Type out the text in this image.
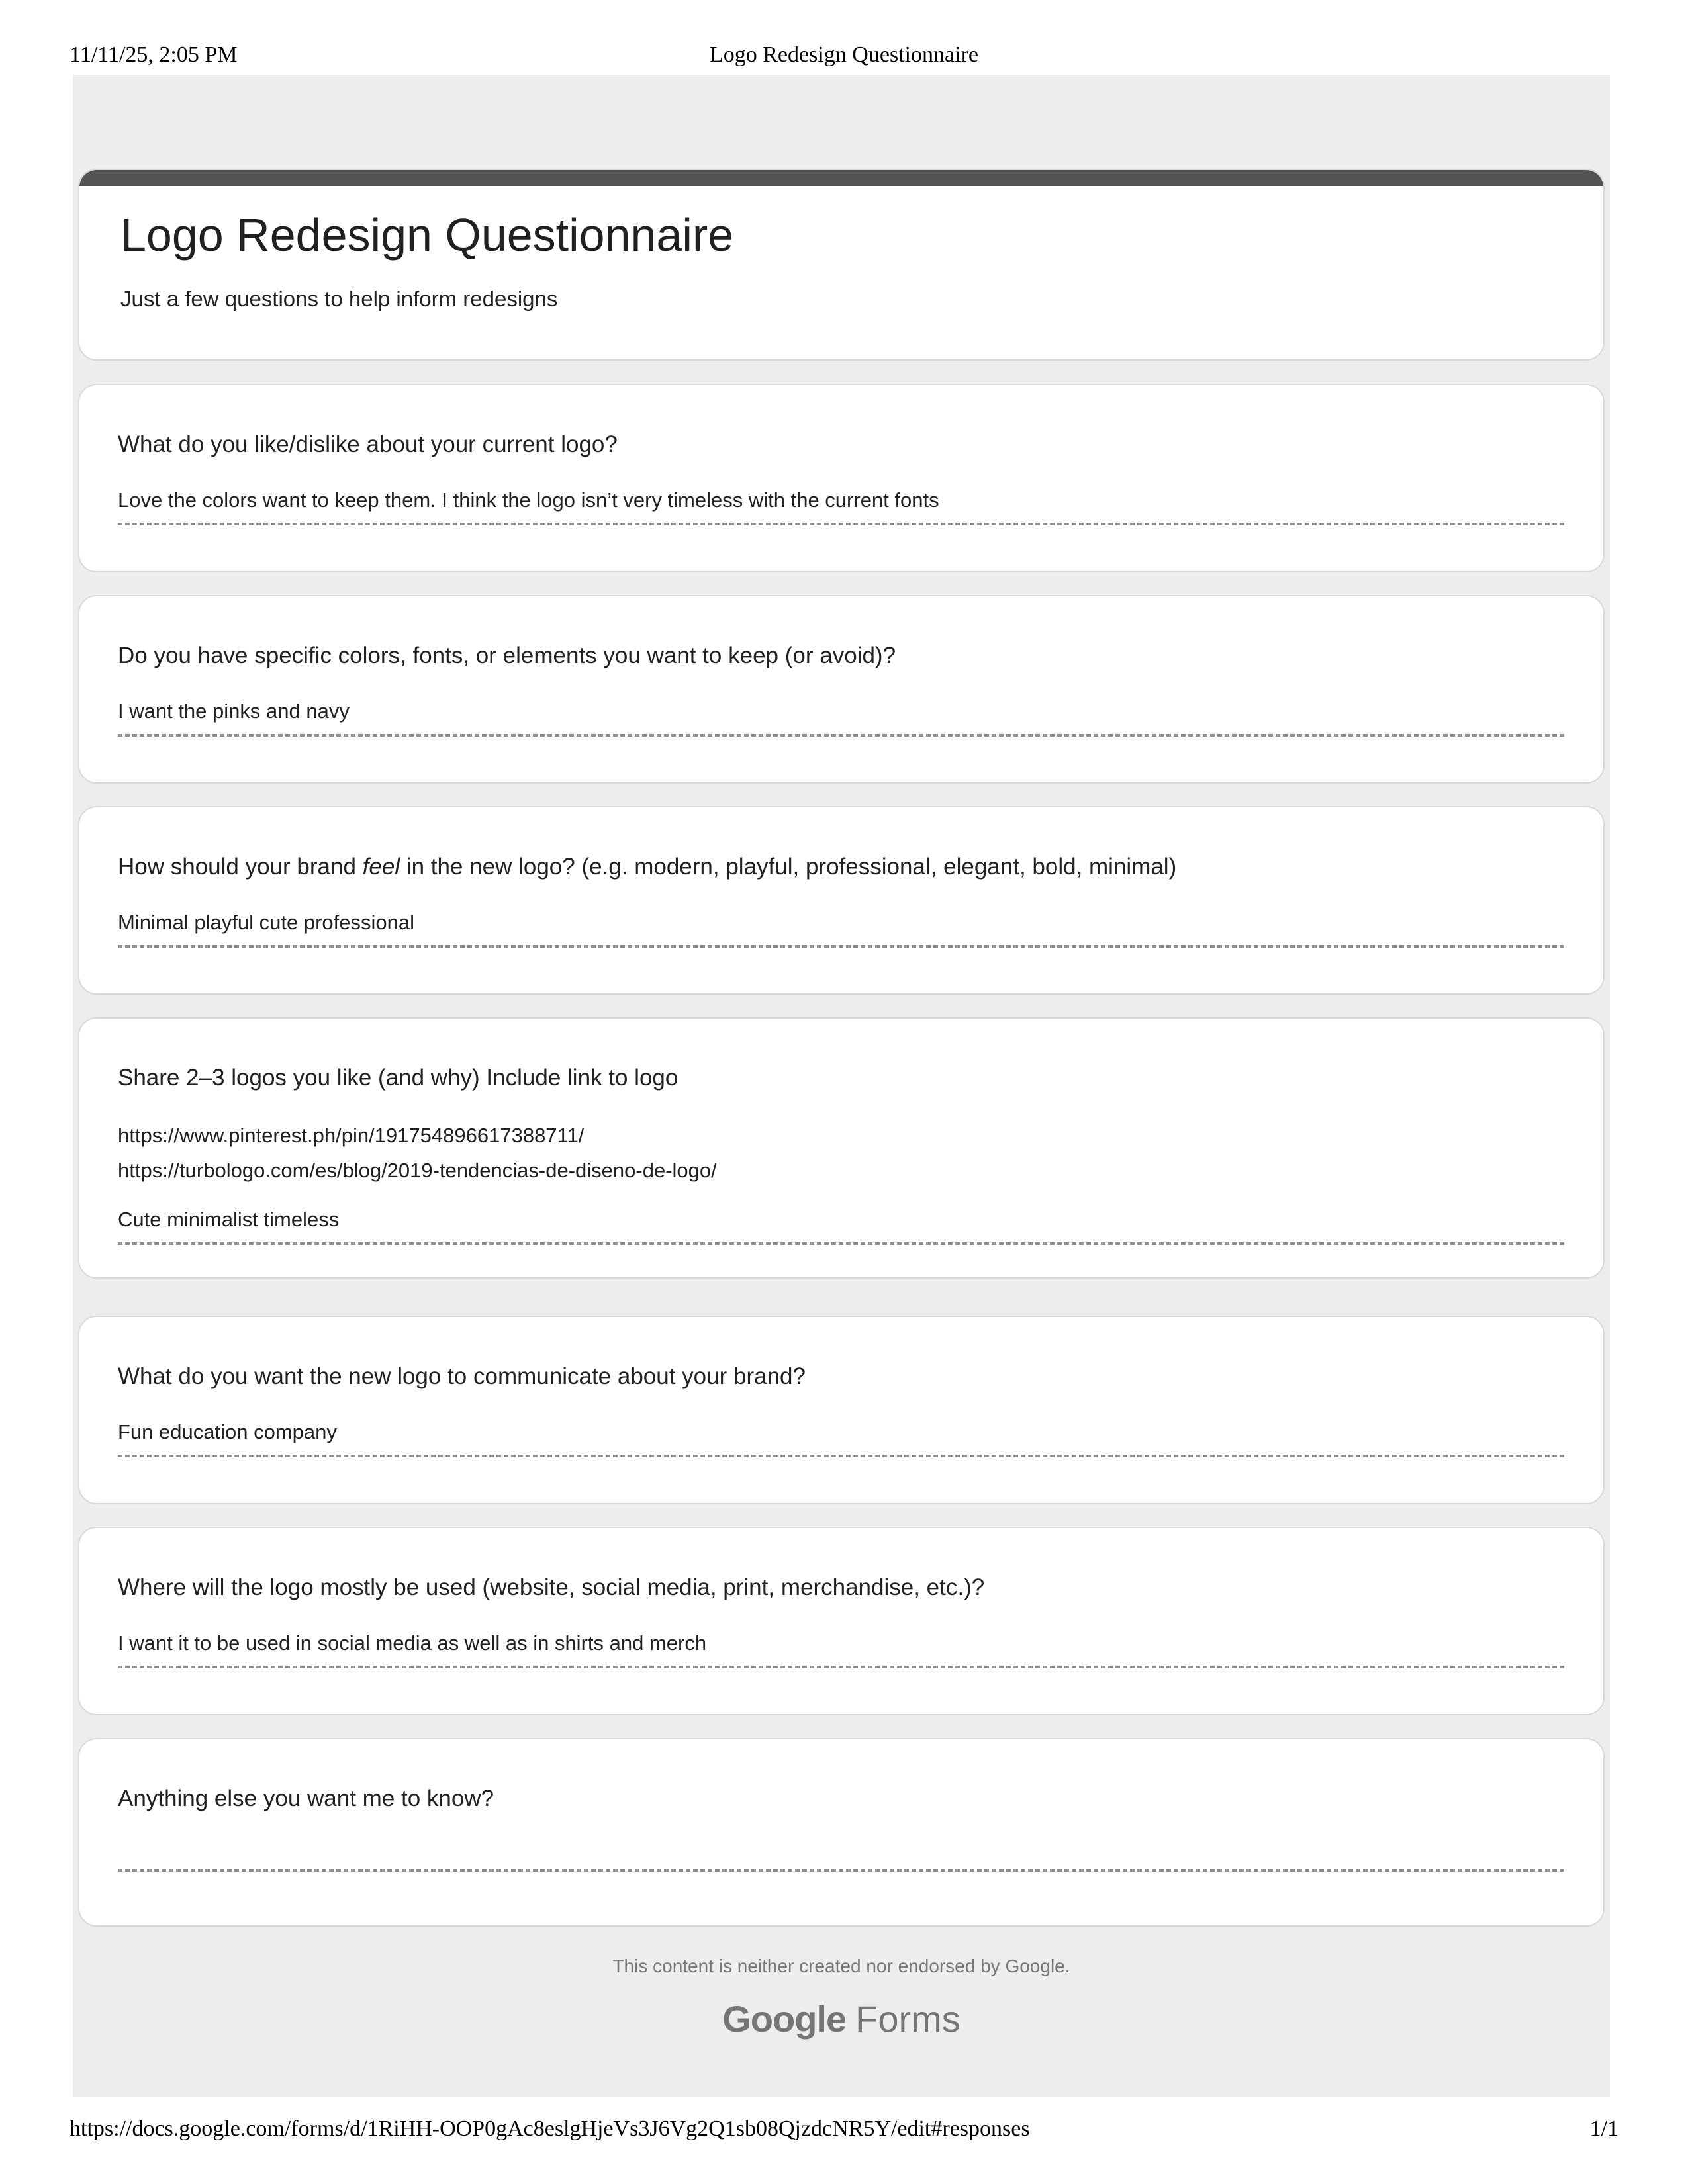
11/11/25, 2:05 PM	Logo Redesign Questionnaire
Logo Redesign Questionnaire
Just a few questions to help inform redesigns
What do you like/dislike about your current logo?
Love the colors want to keep them. I think the logo isn’t very timeless with the current fonts
Do you have specific colors, fonts, or elements you want to keep (or avoid)?
I want the pinks and navy
How should your brand feel in the new logo? (e.g. modern, playful, professional, elegant, bold, minimal)
Minimal playful cute professional
Share 2–3 logos you like (and why) Include link to logo
https://www.pinterest.ph/pin/191754896617388711/
https://turbologo.com/es/blog/2019-tendencias-de-diseno-de-logo/
Cute minimalist timeless
What do you want the new logo to communicate about your brand?
Fun education company
Where will the logo mostly be used (website, social media, print, merchandise, etc.)?
I want it to be used in social media as well as in shirts and merch
Anything else you want me to know?
This content is neither created nor endorsed by Google.
Google Forms
https://docs.google.com/forms/d/1RiHH-OOP0gAc8eslgHjeVs3J6Vg2Q1sb08QjzdcNR5Y/edit#responses	1/1
